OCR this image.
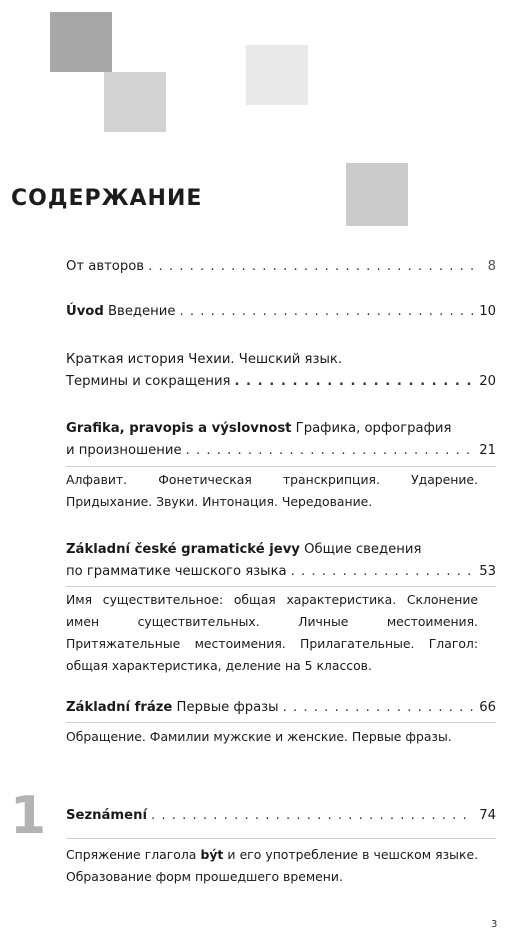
СОДЕРЖАНИЕ
От авторов . . .	8
Úvod Введение . . .	10
Краткая история Чехии. Чешский язык.
Термины и сокращения . . .	20
Grafika, pravopis a výslovnost Графика, орфография
и произношение . . .	21
Алфавит. Фонетическая транскрипция. Ударение. Придыхание. Звуки. Интонация. Чередование.
Základní české gramatické jevy Общие сведения
по грамматике чешского языка . . .	53
Имя существительное: общая характеристика. Склонение имен существительных. Личные местоимения. Притяжательные местоимения. Прилагательные. Глагол: общая характеристика, деление на 5 классов.
Základní fráze Первые фразы . . .	66
Обращение. Фамилии мужские и женские. Первые фразы.
1 Seznámení . . .	74
Спряжение глагола být и его употребление в чешском языке. Образование форм прошедшего времени.
3
